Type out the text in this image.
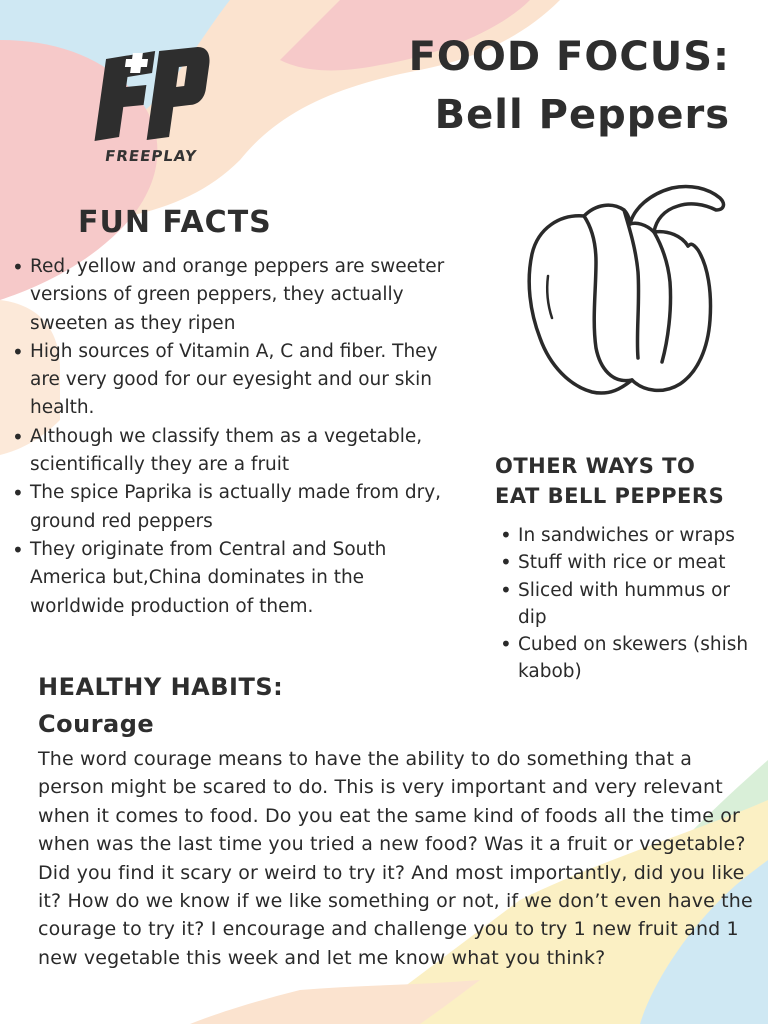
FREEPLAY
FOOD FOCUS:
Bell Peppers
FUN FACTS
• Red, yellow and orange peppers are sweeter versions of green peppers, they actually sweeten as they ripen
• High sources of Vitamin A, C and fiber. They are very good for our eyesight and our skin health.
• Although we classify them as a vegetable, scientifically they are a fruit
• The spice Paprika is actually made from dry, ground red peppers
• They originate from Central and South America but,China dominates in the worldwide production of them.
OTHER WAYS TO
EAT BELL PEPPERS
• In sandwiches or wraps
• Stuff with rice or meat
• Sliced with hummus or dip
• Cubed on skewers (shish kabob)
HEALTHY HABITS:
Courage
The word courage means to have the ability to do something that a person might be scared to do. This is very important and very relevant when it comes to food. Do you eat the same kind of foods all the time or when was the last time you tried a new food? Was it a fruit or vegetable? Did you find it scary or weird to try it? And most importantly, did you like it? How do we know if we like something or not, if we don’t even have the courage to try it? I encourage and challenge you to try 1 new fruit and 1 new vegetable this week and let me know what you think?
